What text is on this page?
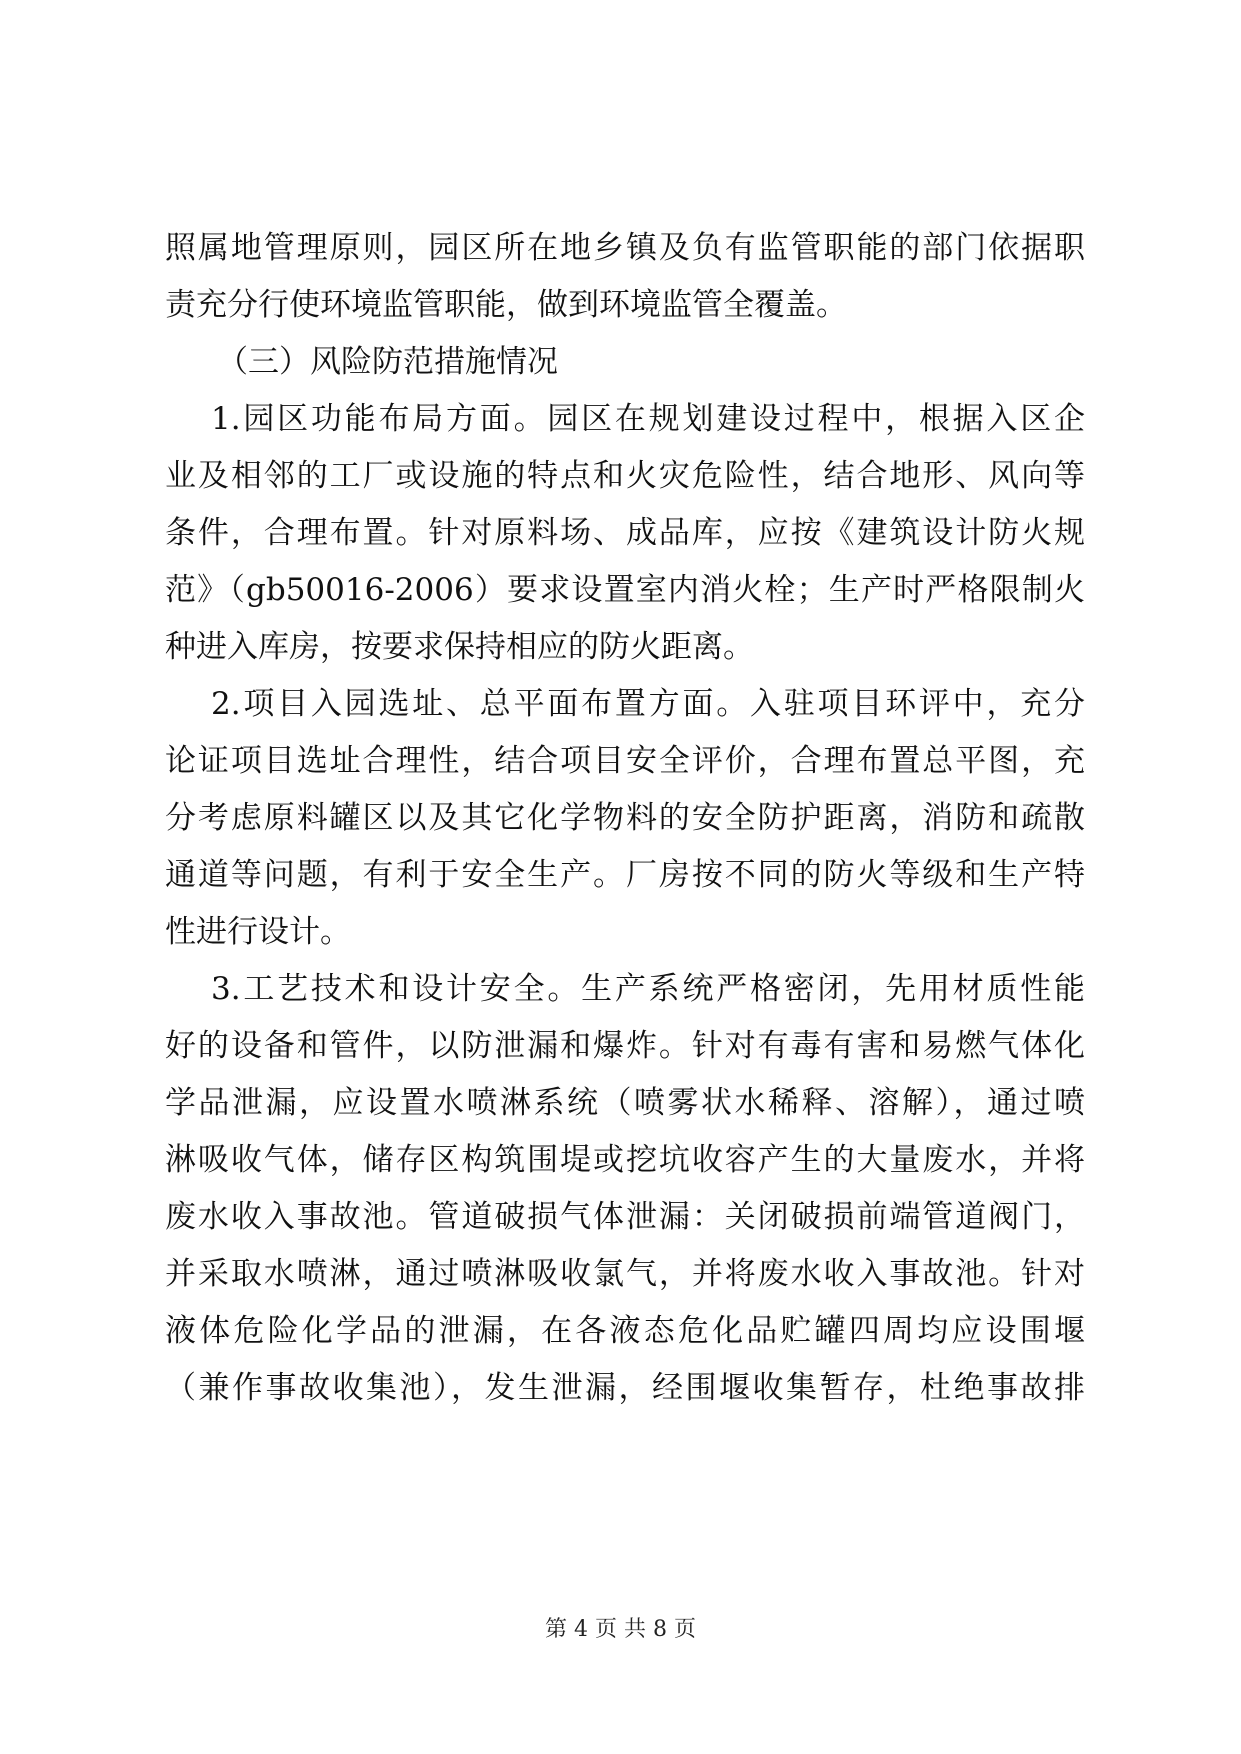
照属地管理原则，园区所在地乡镇及负有监管职能的部门依据职
责充分行使环境监管职能，做到环境监管全覆盖。
（三）风险防范措施情况
1.园区功能布局方面。园区在规划建设过程中，根据入区企
业及相邻的工厂或设施的特点和火灾危险性，结合地形、风向等
条件，合理布置。针对原料场、成品库，应按《建筑设计防火规
范》（gb50016-2006）要求设置室内消火栓；生产时严格限制火
种进入库房，按要求保持相应的防火距离。
2.项目入园选址、总平面布置方面。入驻项目环评中，充分
论证项目选址合理性，结合项目安全评价，合理布置总平图，充
分考虑原料罐区以及其它化学物料的安全防护距离，消防和疏散
通道等问题，有利于安全生产。厂房按不同的防火等级和生产特
性进行设计。
3.工艺技术和设计安全。生产系统严格密闭，先用材质性能
好的设备和管件，以防泄漏和爆炸。针对有毒有害和易燃气体化
学品泄漏，应设置水喷淋系统（喷雾状水稀释、溶解），通过喷
淋吸收气体，储存区构筑围堤或挖坑收容产生的大量废水，并将
废水收入事故池。管道破损气体泄漏：关闭破损前端管道阀门，
并采取水喷淋，通过喷淋吸收氯气，并将废水收入事故池。针对
液体危险化学品的泄漏，在各液态危化品贮罐四周均应设围堰
（兼作事故收集池），发生泄漏，经围堰收集暂存，杜绝事故排
第 4 页 共 8 页
